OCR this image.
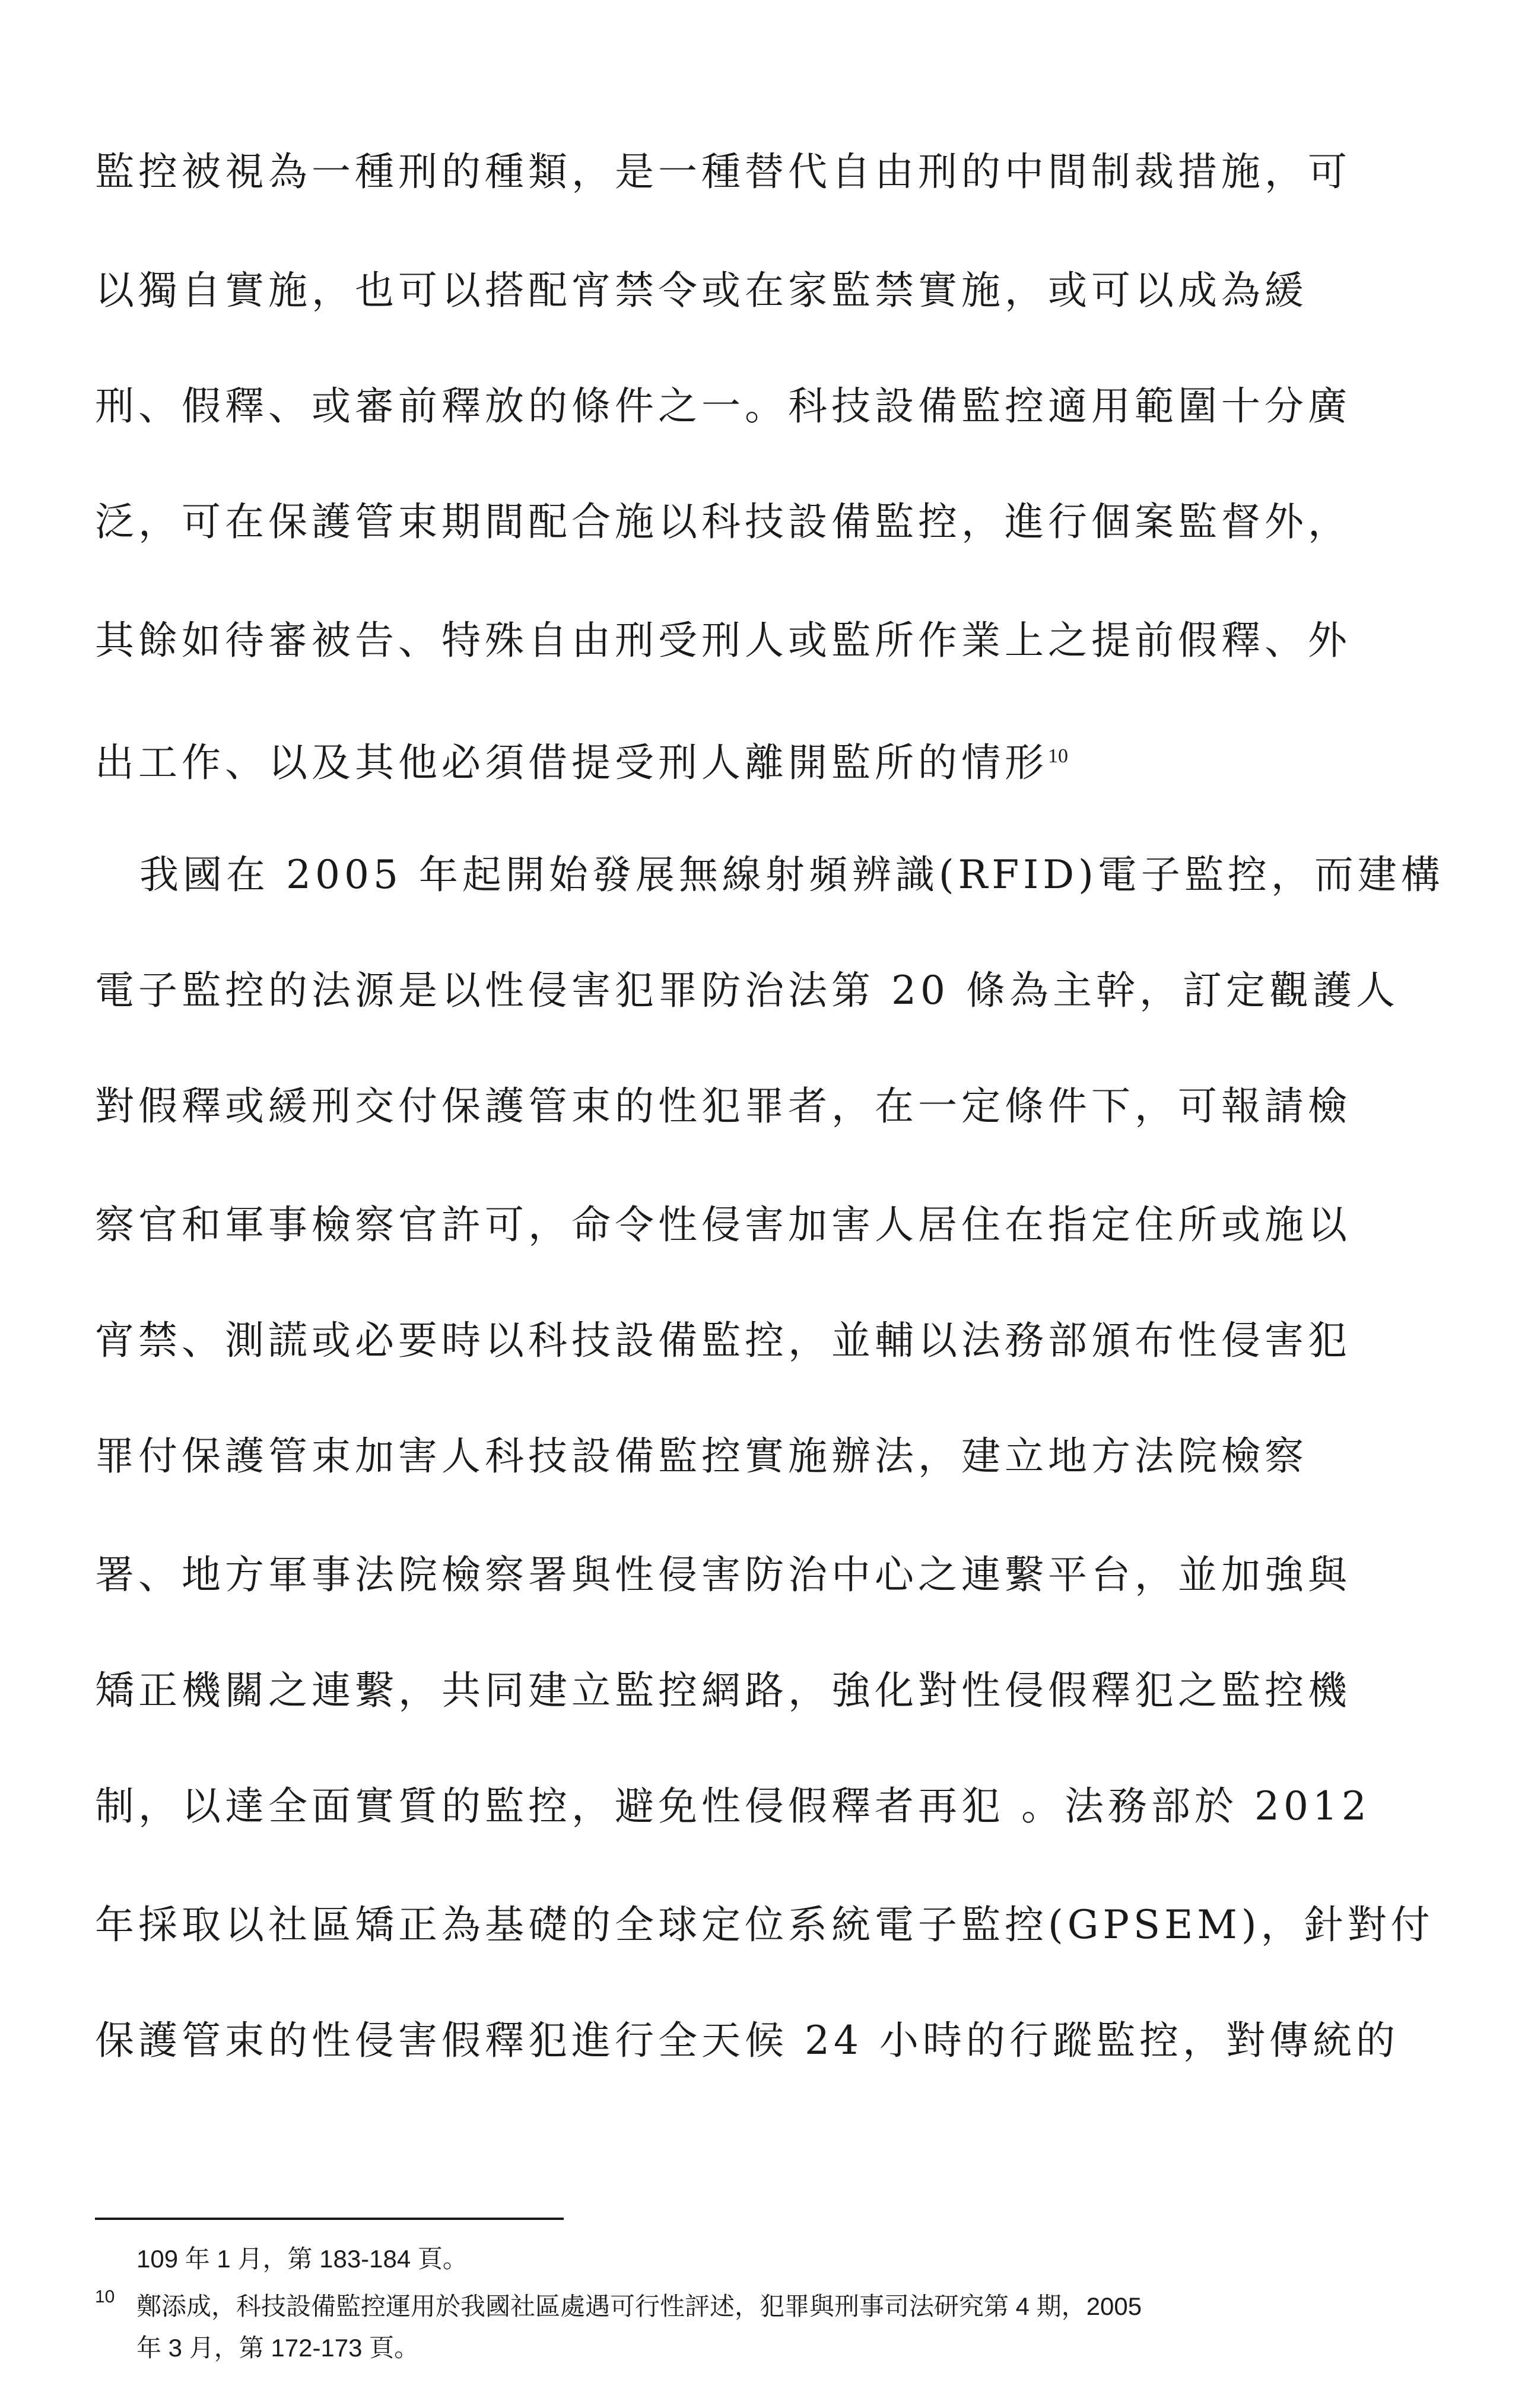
監控被視為一種刑的種類，是一種替代自由刑的中間制裁措施，可
以獨自實施，也可以搭配宵禁令或在家監禁實施，或可以成為緩
刑、假釋、或審前釋放的條件之一。科技設備監控適用範圍十分廣
泛，可在保護管束期間配合施以科技設備監控，進行個案監督外，
其餘如待審被告、特殊自由刑受刑人或監所作業上之提前假釋、外
出工作、以及其他必須借提受刑人離開監所的情形$^{10}$
我國在 2005 年起開始發展無線射頻辨識(RFID)電子監控，而建構
電子監控的法源是以性侵害犯罪防治法第 20 條為主幹，訂定觀護人
對假釋或緩刑交付保護管束的性犯罪者，在一定條件下，可報請檢
察官和軍事檢察官許可，命令性侵害加害人居住在指定住所或施以
宵禁、測謊或必要時以科技設備監控，並輔以法務部頒布性侵害犯
罪付保護管束加害人科技設備監控實施辦法，建立地方法院檢察
署、地方軍事法院檢察署與性侵害防治中心之連繫平台，並加強與
矯正機關之連繫，共同建立監控網路，強化對性侵假釋犯之監控機
制，以達全面實質的監控，避免性侵假釋者再犯 。法務部於 2012
年採取以社區矯正為基礎的全球定位系統電子監控(GPSEM)，針對付
保護管束的性侵害假釋犯進行全天候 24 小時的行蹤監控，對傳統的
109 年 1 月，第 183-184 頁。
10 鄭添成，科技設備監控運用於我國社區處遇可行性評述，犯罪與刑事司法研究第 4 期，2005
年 3 月，第 172-173 頁。
